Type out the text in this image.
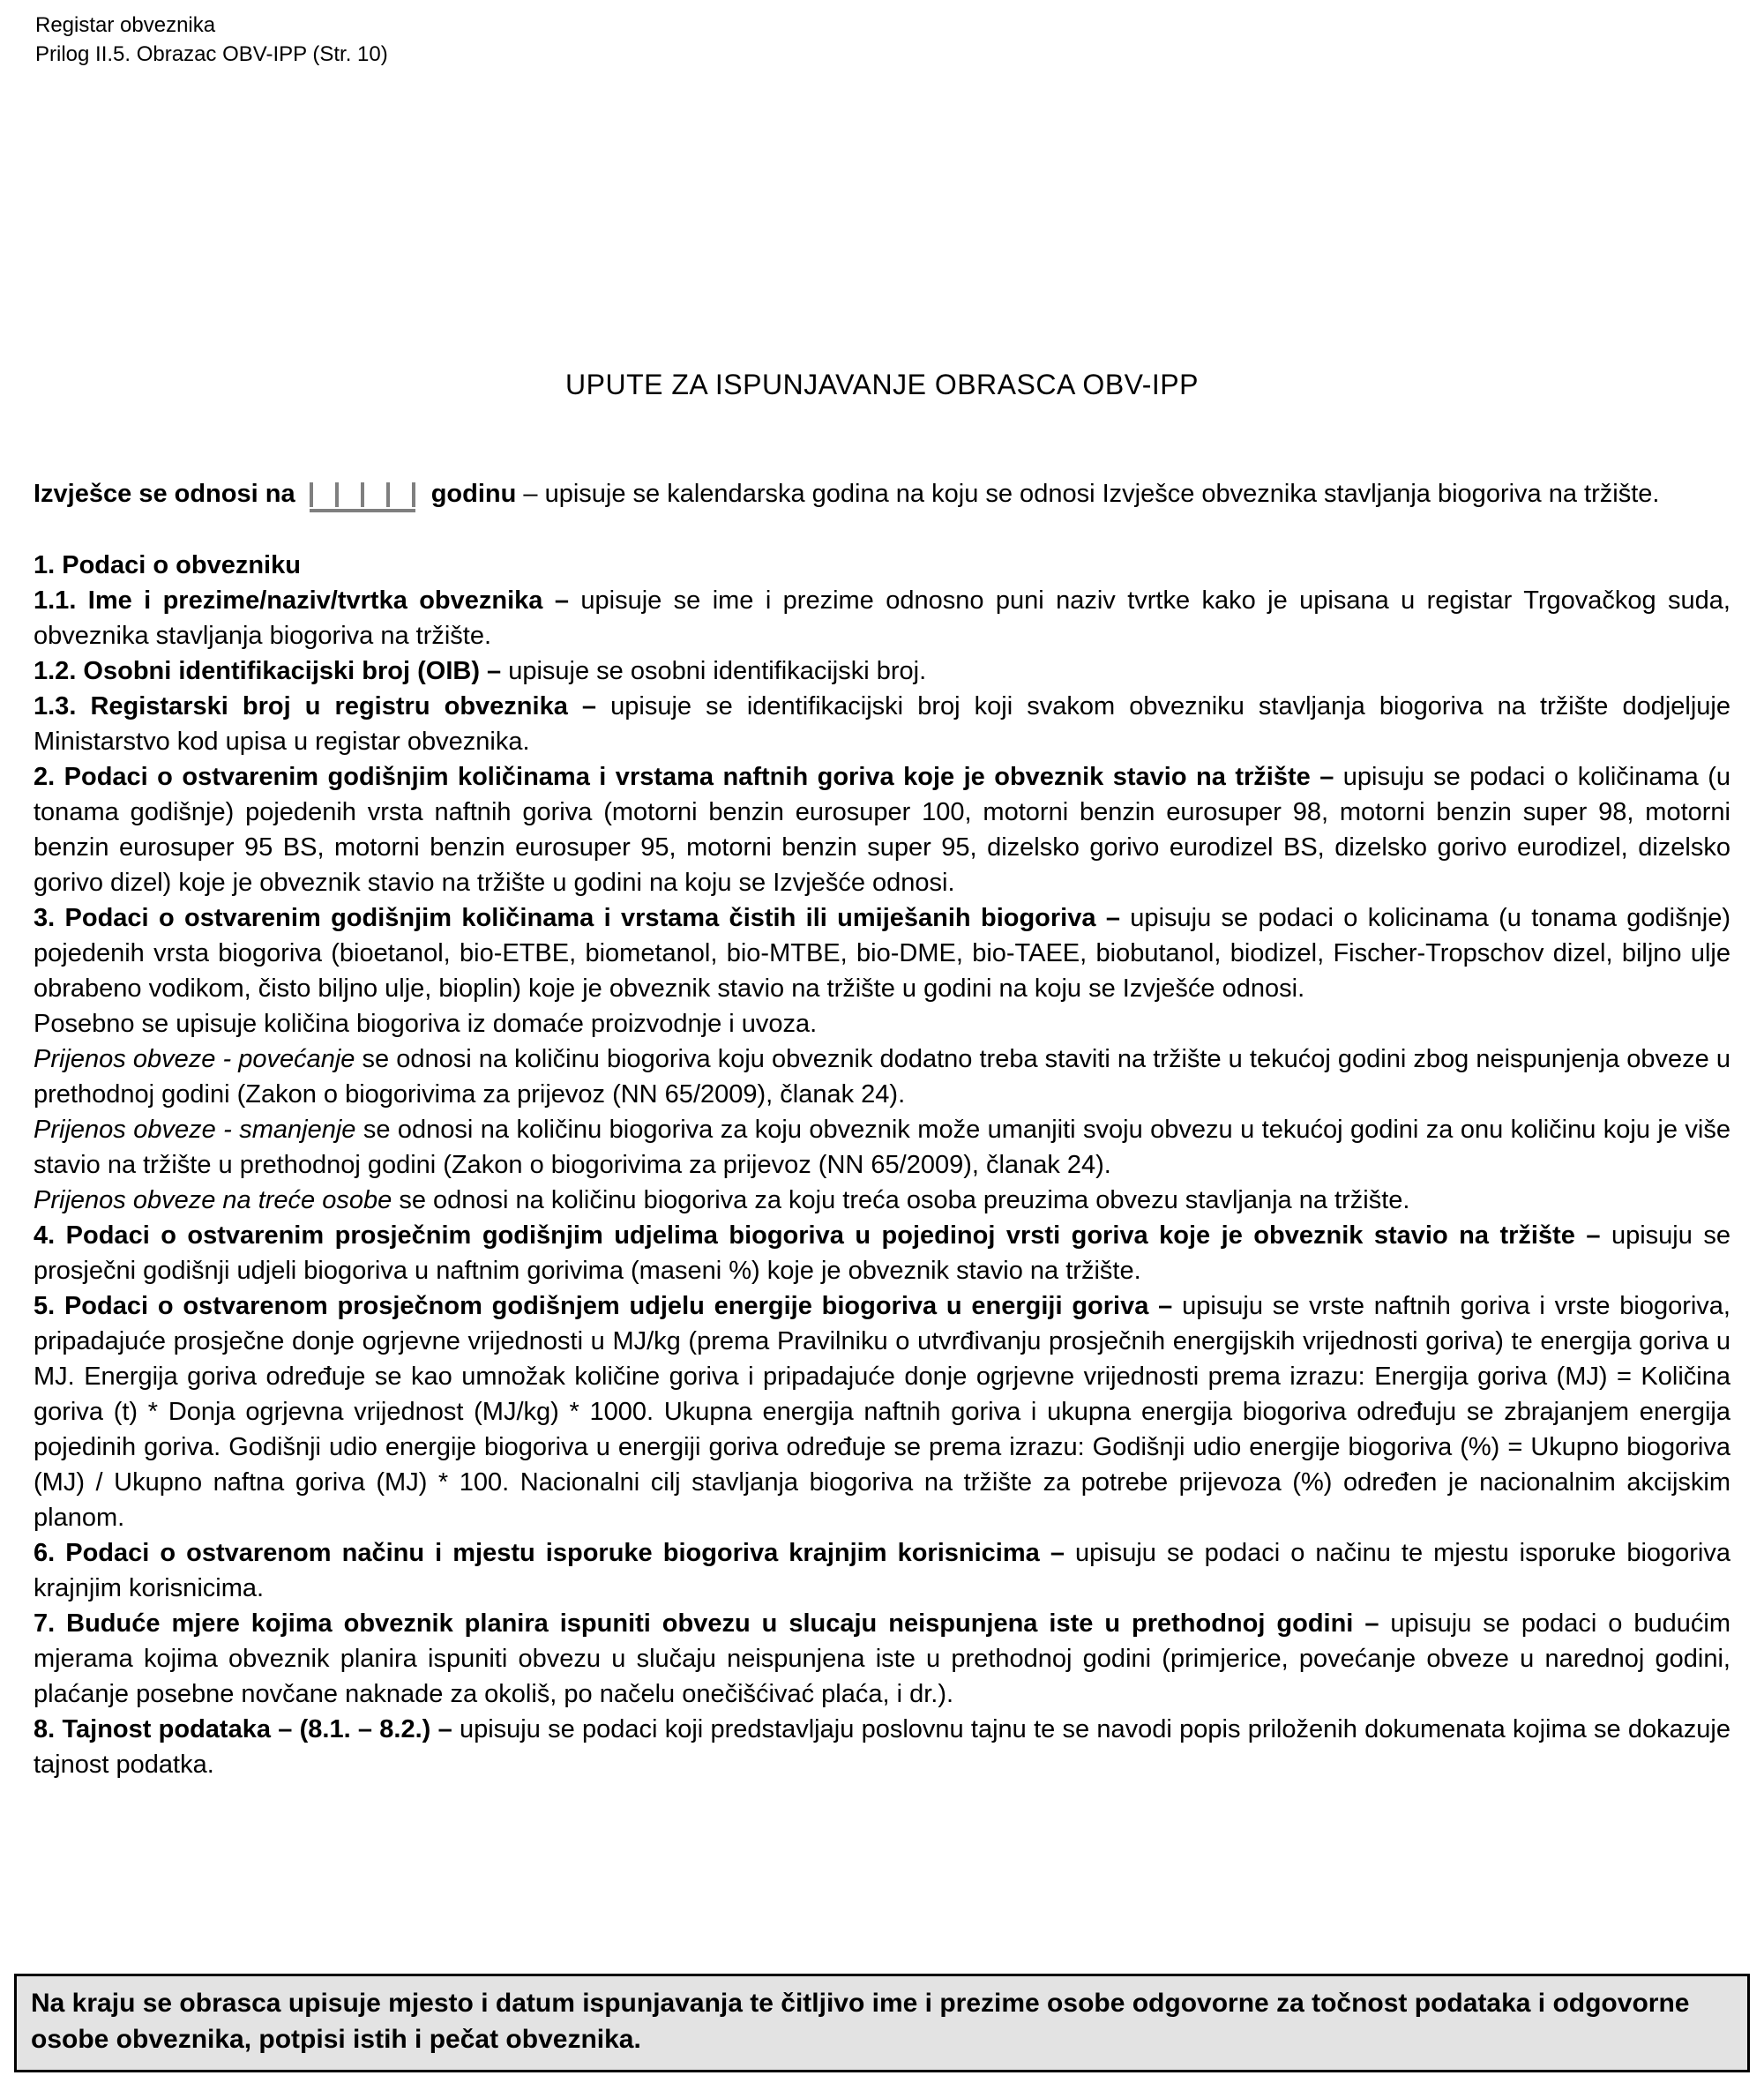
Registar obveznika
Prilog II.5. Obrazac OBV-IPP (Str. 10)
UPUTE ZA ISPUNJAVANJE OBRASCA OBV-IPP

Izvješce se odnosi na	godinu – upisuje se kalendarska godina na koju se odnosi Izvješce obveznika stavljanja biogoriva na tržište.

1. Podaci o obvezniku

1.1. Ime i prezime/naziv/tvrtka obveznika – upisuje se ime i prezime odnosno puni naziv tvrtke kako je upisana u registar Trgovačkog suda, obveznika stavljanja biogoriva na tržište.

1.2. Osobni identifikacijski broj (OIB) – upisuje se osobni identifikacijski broj.

1.3. Registarski broj u registru obveznika – upisuje se identifikacijski broj koji svakom obvezniku stavljanja biogoriva na tržište dodjeljuje Ministarstvo kod upisa u registar obveznika.

2. Podaci o ostvarenim godišnjim količinama i vrstama naftnih goriva koje je obveznik stavio na tržište – upisuju se podaci o količinama (u tonama godišnje) pojedenih vrsta naftnih goriva (motorni benzin eurosuper 100, motorni benzin eurosuper 98, motorni benzin super 98, motorni benzin eurosuper 95 BS, motorni benzin eurosuper 95, motorni benzin super 95, dizelsko gorivo eurodizel BS, dizelsko gorivo eurodizel, dizelsko gorivo dizel) koje je obveznik stavio na tržište u godini na koju se Izvješće odnosi.

3. Podaci o ostvarenim godišnjim količinama i vrstama čistih ili umiješanih biogoriva – upisuju se podaci o kolicinama (u tonama godišnje) pojedenih vrsta biogoriva (bioetanol, bio-ETBE, biometanol, bio-MTBE, bio-DME, bio-TAEE, biobutanol, biodizel, Fischer-Tropschov dizel, biljno ulje obrabeno vodikom, čisto biljno ulje, bioplin) koje je obveznik stavio na tržište u godini na koju se Izvješće odnosi.

Posebno se upisuje količina biogoriva iz domaće proizvodnje i uvoza.

Prijenos obveze - povećanje se odnosi na količinu biogoriva koju obveznik dodatno treba staviti na tržište u tekućoj godini zbog neispunjenja obveze u prethodnoj godini (Zakon o biogorivima za prijevoz (NN 65/2009), članak 24).

Prijenos obveze - smanjenje se odnosi na količinu biogoriva za koju obveznik može umanjiti svoju obvezu u tekućoj godini za onu količinu koju je više stavio na tržište u prethodnoj godini (Zakon o biogorivima za prijevoz (NN 65/2009), članak 24).

Prijenos obveze na treće osobe se odnosi na količinu biogoriva za koju treća osoba preuzima obvezu stavljanja na tržište.

4. Podaci o ostvarenim prosječnim godišnjim udjelima biogoriva u pojedinoj vrsti goriva koje je obveznik stavio na tržište – upisuju se prosječni godišnji udjeli biogoriva u naftnim gorivima (maseni %) koje je obveznik stavio na tržište.

5. Podaci o ostvarenom prosječnom godišnjem udjelu energije biogoriva u energiji goriva – upisuju se vrste naftnih goriva i vrste biogoriva, pripadajuće prosječne donje ogrjevne vrijednosti u MJ/kg (prema Pravilniku o utvrđivanju prosječnih energijskih vrijednosti goriva) te energija goriva u MJ. Energija goriva određuje se kao umnožak količine goriva i pripadajuće donje ogrjevne vrijednosti prema izrazu: Energija goriva (MJ) = Količina goriva (t) * Donja ogrjevna vrijednost (MJ/kg) * 1000. Ukupna energija naftnih goriva i ukupna energija biogoriva određuju se zbrajanjem energija pojedinih goriva. Godišnji udio energije biogoriva u energiji goriva određuje se prema izrazu: Godišnji udio energije biogoriva (%) = Ukupno biogoriva (MJ) / Ukupno naftna goriva (MJ) * 100. Nacionalni cilj stavljanja biogoriva na tržište za potrebe prijevoza (%) određen je nacionalnim akcijskim planom.

6. Podaci o ostvarenom načinu i mjestu isporuke biogoriva krajnjim korisnicima – upisuju se podaci o načinu te mjestu isporuke biogoriva krajnjim korisnicima.

7. Buduće mjere kojima obveznik planira ispuniti obvezu u slucaju neispunjena iste u prethodnoj godini – upisuju se podaci o budućim mjerama kojima obveznik planira ispuniti obvezu u slučaju neispunjena iste u prethodnoj godini (primjerice, povećanje obveze u narednoj godini, plaćanje posebne novčane naknade za okoliš, po načelu onečišćivać plaća, i dr.).

8. Tajnost podataka – (8.1. – 8.2.) – upisuju se podaci koji predstavljaju poslovnu tajnu te se navodi popis priloženih dokumenata kojima se dokazuje tajnost podatka.

Na kraju se obrasca upisuje mjesto i datum ispunjavanja te čitljivo ime i prezime osobe odgovorne za točnost podataka i odgovorne osobe obveznika, potpisi istih i pečat obveznika.
